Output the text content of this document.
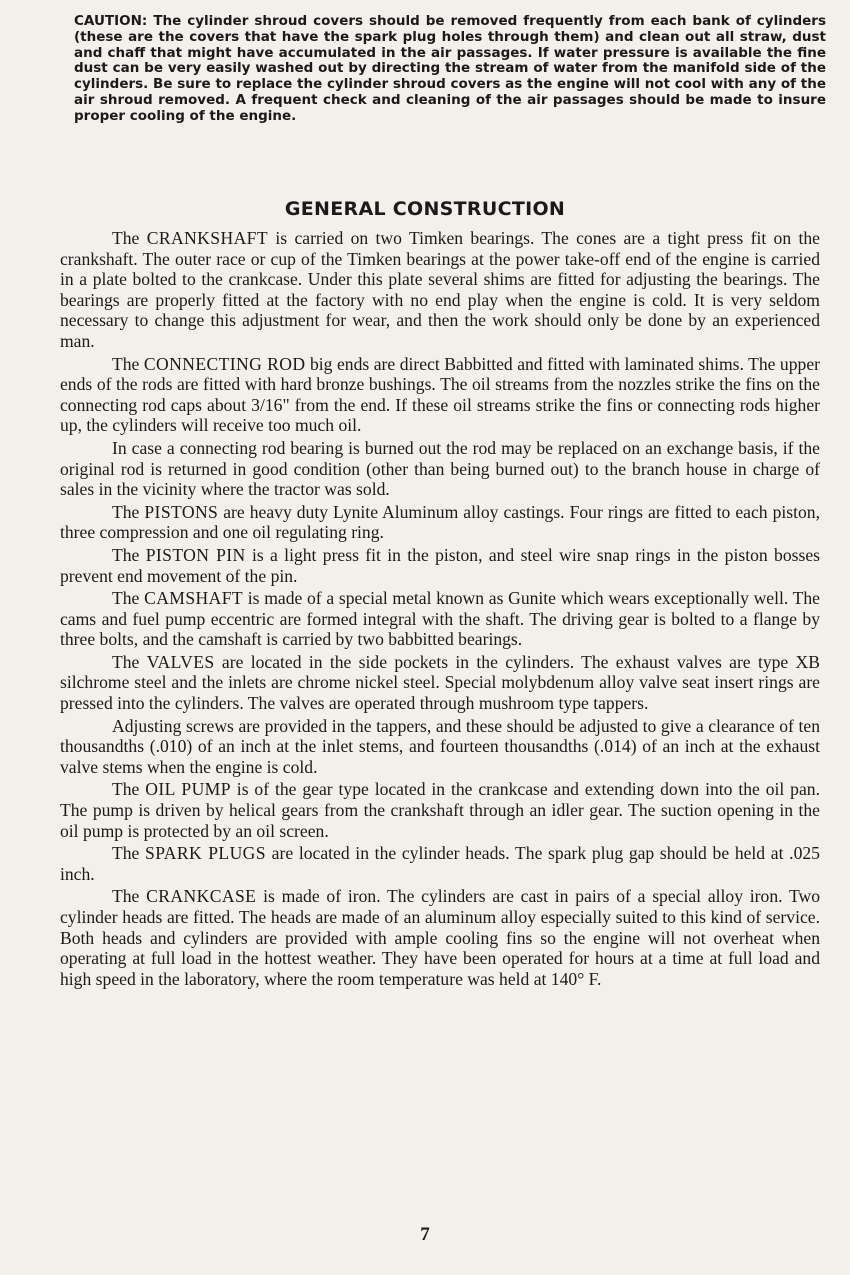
CAUTION: The cylinder shroud covers should be removed frequently from each bank of cylinders (these are the covers that have the spark plug holes through them) and clean out all straw, dust and chaff that might have accumulated in the air passages. If water pressure is available the fine dust can be very easily washed out by directing the stream of water from the manifold side of the cylinders. Be sure to replace the cylinder shroud covers as the engine will not cool with any of the air shroud removed. A frequent check and cleaning of the air passages should be made to insure proper cooling of the engine.
GENERAL CONSTRUCTION

The CRANKSHAFT is carried on two Timken bearings. The cones are a tight press fit on the crankshaft. The outer race or cup of the Timken bearings at the power take-off end of the engine is carried in a plate bolted to the crankcase. Under this plate several shims are fitted for adjusting the bearings. The bearings are properly fitted at the factory with no end play when the engine is cold. It is very seldom necessary to change this adjustment for wear, and then the work should only be done by an experienced man.

The CONNECTING ROD big ends are direct Babbitted and fitted with laminated shims. The upper ends of the rods are fitted with hard bronze bushings. The oil streams from the nozzles strike the fins on the connecting rod caps about 3/16" from the end. If these oil streams strike the fins or connecting rods higher up, the cylinders will receive too much oil.

In case a connecting rod bearing is burned out the rod may be replaced on an exchange basis, if the original rod is returned in good condition (other than being burned out) to the branch house in charge of sales in the vicinity where the tractor was sold.

The PISTONS are heavy duty Lynite Aluminum alloy castings. Four rings are fitted to each piston, three compression and one oil regulating ring.

The PISTON PIN is a light press fit in the piston, and steel wire snap rings in the piston bosses prevent end movement of the pin.

The CAMSHAFT is made of a special metal known as Gunite which wears exceptionally well. The cams and fuel pump eccentric are formed integral with the shaft. The driving gear is bolted to a flange by three bolts, and the camshaft is carried by two babbitted bearings.

The VALVES are located in the side pockets in the cylinders. The exhaust valves are type XB silchrome steel and the inlets are chrome nickel steel. Special molybdenum alloy valve seat insert rings are pressed into the cylinders. The valves are operated through mushroom type tappers.

Adjusting screws are provided in the tappers, and these should be adjusted to give a clearance of ten thousandths (.010) of an inch at the inlet stems, and fourteen thousandths (.014) of an inch at the exhaust valve stems when the engine is cold.

The OIL PUMP is of the gear type located in the crankcase and extending down into the oil pan. The pump is driven by helical gears from the crankshaft through an idler gear. The suction opening in the oil pump is protected by an oil screen.

The SPARK PLUGS are located in the cylinder heads. The spark plug gap should be held at .025 inch.

The CRANKCASE is made of iron. The cylinders are cast in pairs of a special alloy iron. Two cylinder heads are fitted. The heads are made of an aluminum alloy especially suited to this kind of service. Both heads and cylinders are provided with ample cooling fins so the engine will not overheat when operating at full load in the hottest weather. They have been operated for hours at a time at full load and high speed in the laboratory, where the room temperature was held at 140° F.

7
